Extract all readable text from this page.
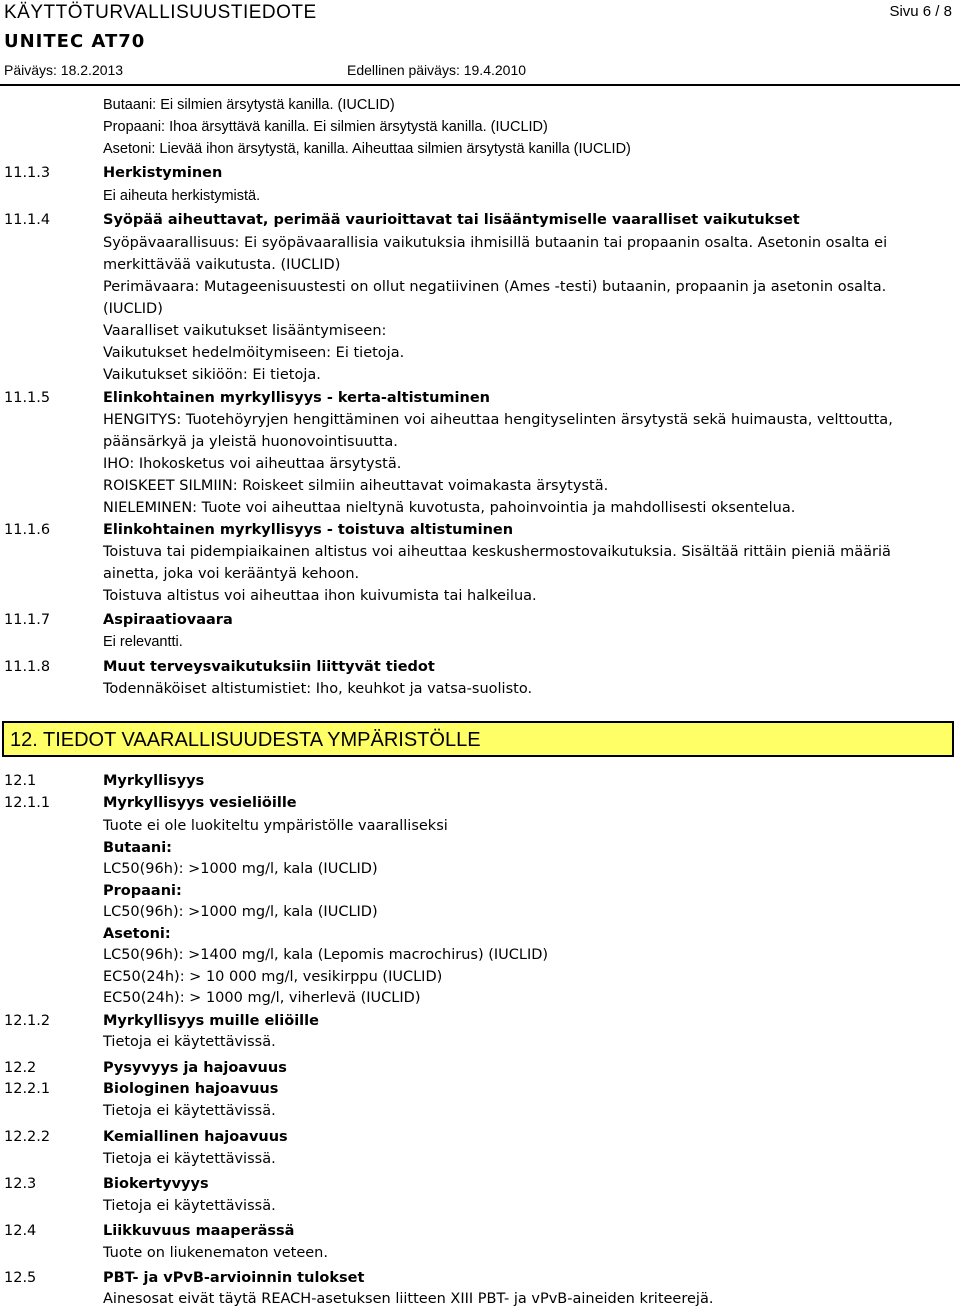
KÄYTTÖTURVALLISUUSTIEDOTE	Sivu 6 / 8
UNITEC AT70
Päiväys: 18.2.2013	Edellinen päiväys: 19.4.2010
Butaani: Ei silmien ärsytystä kanilla. (IUCLID)
Propaani: Ihoa ärsyttävä kanilla. Ei silmien ärsytystä kanilla. (IUCLID)
Asetoni: Lievää ihon ärsytystä, kanilla. Aiheuttaa silmien ärsytystä kanilla (IUCLID)
11.1.3	Herkistyminen
Ei aiheuta herkistymistä.
11.1.4	Syöpää aiheuttavat, perimää vaurioittavat tai lisääntymiselle vaaralliset vaikutukset
Syöpävaarallisuus: Ei syöpävaarallisia vaikutuksia ihmisillä butaanin tai propaanin osalta. Asetonin osalta ei
merkittävää vaikutusta. (IUCLID)
Perimävaara: Mutageenisuustesti on ollut negatiivinen (Ames -testi) butaanin, propaanin ja asetonin osalta.
(IUCLID)
Vaaralliset vaikutukset lisääntymiseen:
Vaikutukset hedelmöitymiseen: Ei tietoja.
Vaikutukset sikiöön: Ei tietoja.
11.1.5	Elinkohtainen myrkyllisyys - kerta-altistuminen
HENGITYS: Tuotehöyryjen hengittäminen voi aiheuttaa hengityselinten ärsytystä sekä huimausta, velttoutta,
päänsärkyä ja yleistä huonovointisuutta.
IHO: Ihokosketus voi aiheuttaa ärsytystä.
ROISKEET SILMIIN: Roiskeet silmiin aiheuttavat voimakasta ärsytystä.
NIELEMINEN: Tuote voi aiheuttaa nieltynä kuvotusta, pahoinvointia ja mahdollisesti oksentelua.
11.1.6	Elinkohtainen myrkyllisyys - toistuva altistuminen
Toistuva tai pidempiaikainen altistus voi aiheuttaa keskushermostovaikutuksia. Sisältää rittäin pieniä määriä
ainetta, joka voi kerääntyä kehoon.
Toistuva altistus voi aiheuttaa ihon kuivumista tai halkeilua.
11.1.7	Aspiraatiovaara
Ei relevantti.
11.1.8	Muut terveysvaikutuksiin liittyvät tiedot
Todennäköiset altistumistiet: Iho, keuhkot ja vatsa-suolisto.
12. TIEDOT VAARALLISUUDESTA YMPÄRISTÖLLE
12.1	Myrkyllisyys
12.1.1	Myrkyllisyys vesieliöille
Tuote ei ole luokiteltu ympäristölle vaaralliseksi
Butaani:
LC50(96h): >1000 mg/l, kala (IUCLID)
Propaani:
LC50(96h): >1000 mg/l, kala (IUCLID)
Asetoni:
LC50(96h): >1400 mg/l, kala (Lepomis macrochirus) (IUCLID)
EC50(24h): > 10 000 mg/l, vesikirppu (IUCLID)
EC50(24h): > 1000 mg/l, viherlevä (IUCLID)
12.1.2	Myrkyllisyys muille eliöille
Tietoja ei käytettävissä.
12.2	Pysyvyys ja hajoavuus
12.2.1	Biologinen hajoavuus
Tietoja ei käytettävissä.
12.2.2	Kemiallinen hajoavuus
Tietoja ei käytettävissä.
12.3	Biokertyvyys
Tietoja ei käytettävissä.
12.4	Liikkuvuus maaperässä
Tuote on liukenematon veteen.
12.5	PBT- ja vPvB-arvioinnin tulokset
Ainesosat eivät täytä REACH-asetuksen liitteen XIII PBT- ja vPvB-aineiden kriteerejä.
